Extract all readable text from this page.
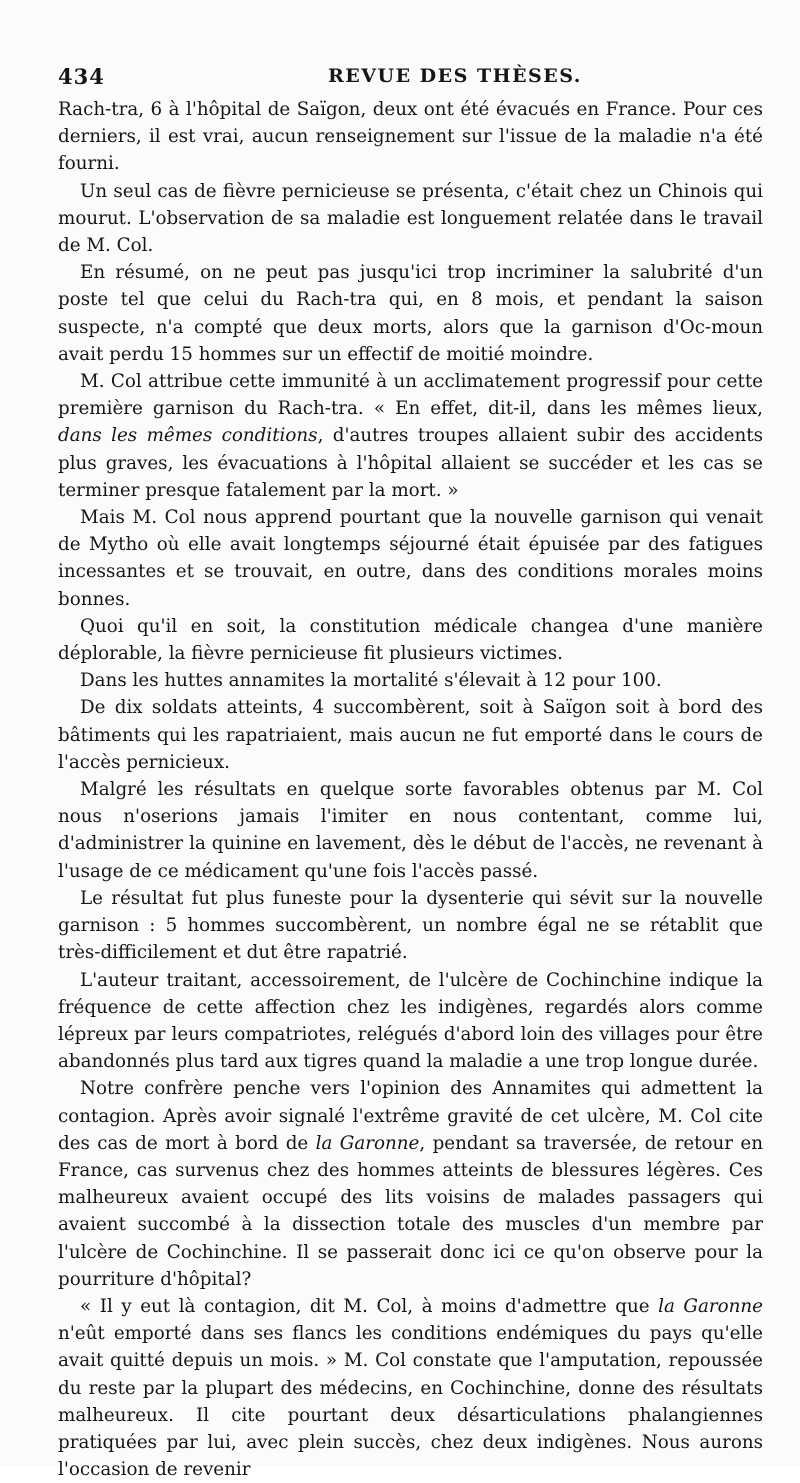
434	REVUE DES THÈSES.

Rach-tra, 6 à l'hôpital de Saïgon, deux ont été évacués en France. Pour ces derniers, il est vrai, aucun renseignement sur l'issue de la maladie n'a été fourni.

Un seul cas de fièvre pernicieuse se présenta, c'était chez un Chinois qui mourut. L'observation de sa maladie est longuement relatée dans le travail de M. Col.

En résumé, on ne peut pas jusqu'ici trop incriminer la salubrité d'un poste tel que celui du Rach-tra qui, en 8 mois, et pendant la saison suspecte, n'a compté que deux morts, alors que la garnison d'Oc-moun avait perdu 15 hommes sur un effectif de moitié moindre.

M. Col attribue cette immunité à un acclimatement progressif pour cette première garnison du Rach-tra. « En effet, dit-il, dans les mêmes lieux, dans les mêmes conditions, d'autres troupes allaient subir des accidents plus graves, les évacuations à l'hôpital allaient se succéder et les cas se terminer presque fatalement par la mort. »

Mais M. Col nous apprend pourtant que la nouvelle garnison qui venait de Mytho où elle avait longtemps séjourné était épuisée par des fatigues incessantes et se trouvait, en outre, dans des conditions morales moins bonnes.

Quoi qu'il en soit, la constitution médicale changea d'une manière déplorable, la fièvre pernicieuse fit plusieurs victimes.

Dans les huttes annamites la mortalité s'élevait à 12 pour 100.

De dix soldats atteints, 4 succombèrent, soit à Saïgon soit à bord des bâtiments qui les rapatriaient, mais aucun ne fut emporté dans le cours de l'accès pernicieux.

Malgré les résultats en quelque sorte favorables obtenus par M. Col nous n'oserions jamais l'imiter en nous contentant, comme lui, d'administrer la quinine en lavement, dès le début de l'accès, ne revenant à l'usage de ce médicament qu'une fois l'accès passé.

Le résultat fut plus funeste pour la dysenterie qui sévit sur la nouvelle garnison : 5 hommes succombèrent, un nombre égal ne se rétablit que très-difficilement et dut être rapatrié.

L'auteur traitant, accessoirement, de l'ulcère de Cochinchine indique la fréquence de cette affection chez les indigènes, regardés alors comme lépreux par leurs compatriotes, relégués d'abord loin des villages pour être abandonnés plus tard aux tigres quand la maladie a une trop longue durée.

Notre confrère penche vers l'opinion des Annamites qui admettent la contagion. Après avoir signalé l'extrême gravité de cet ulcère, M. Col cite des cas de mort à bord de la Garonne, pendant sa traversée, de retour en France, cas survenus chez des hommes atteints de blessures légères. Ces malheureux avaient occupé des lits voisins de malades passagers qui avaient succombé à la dissection totale des muscles d'un membre par l'ulcère de Cochinchine. Il se passerait donc ici ce qu'on observe pour la pourriture d'hôpital?

« Il y eut là contagion, dit M. Col, à moins d'admettre que la Garonne n'eût emporté dans ses flancs les conditions endémiques du pays qu'elle avait quitté depuis un mois. » M. Col constate que l'amputation, repoussée du reste par la plupart des médecins, en Cochinchine, donne des résultats malheureux. Il cite pourtant deux désarticulations phalangiennes pratiquées par lui, avec plein succès, chez deux indigènes. Nous aurons l'occasion de revenir
